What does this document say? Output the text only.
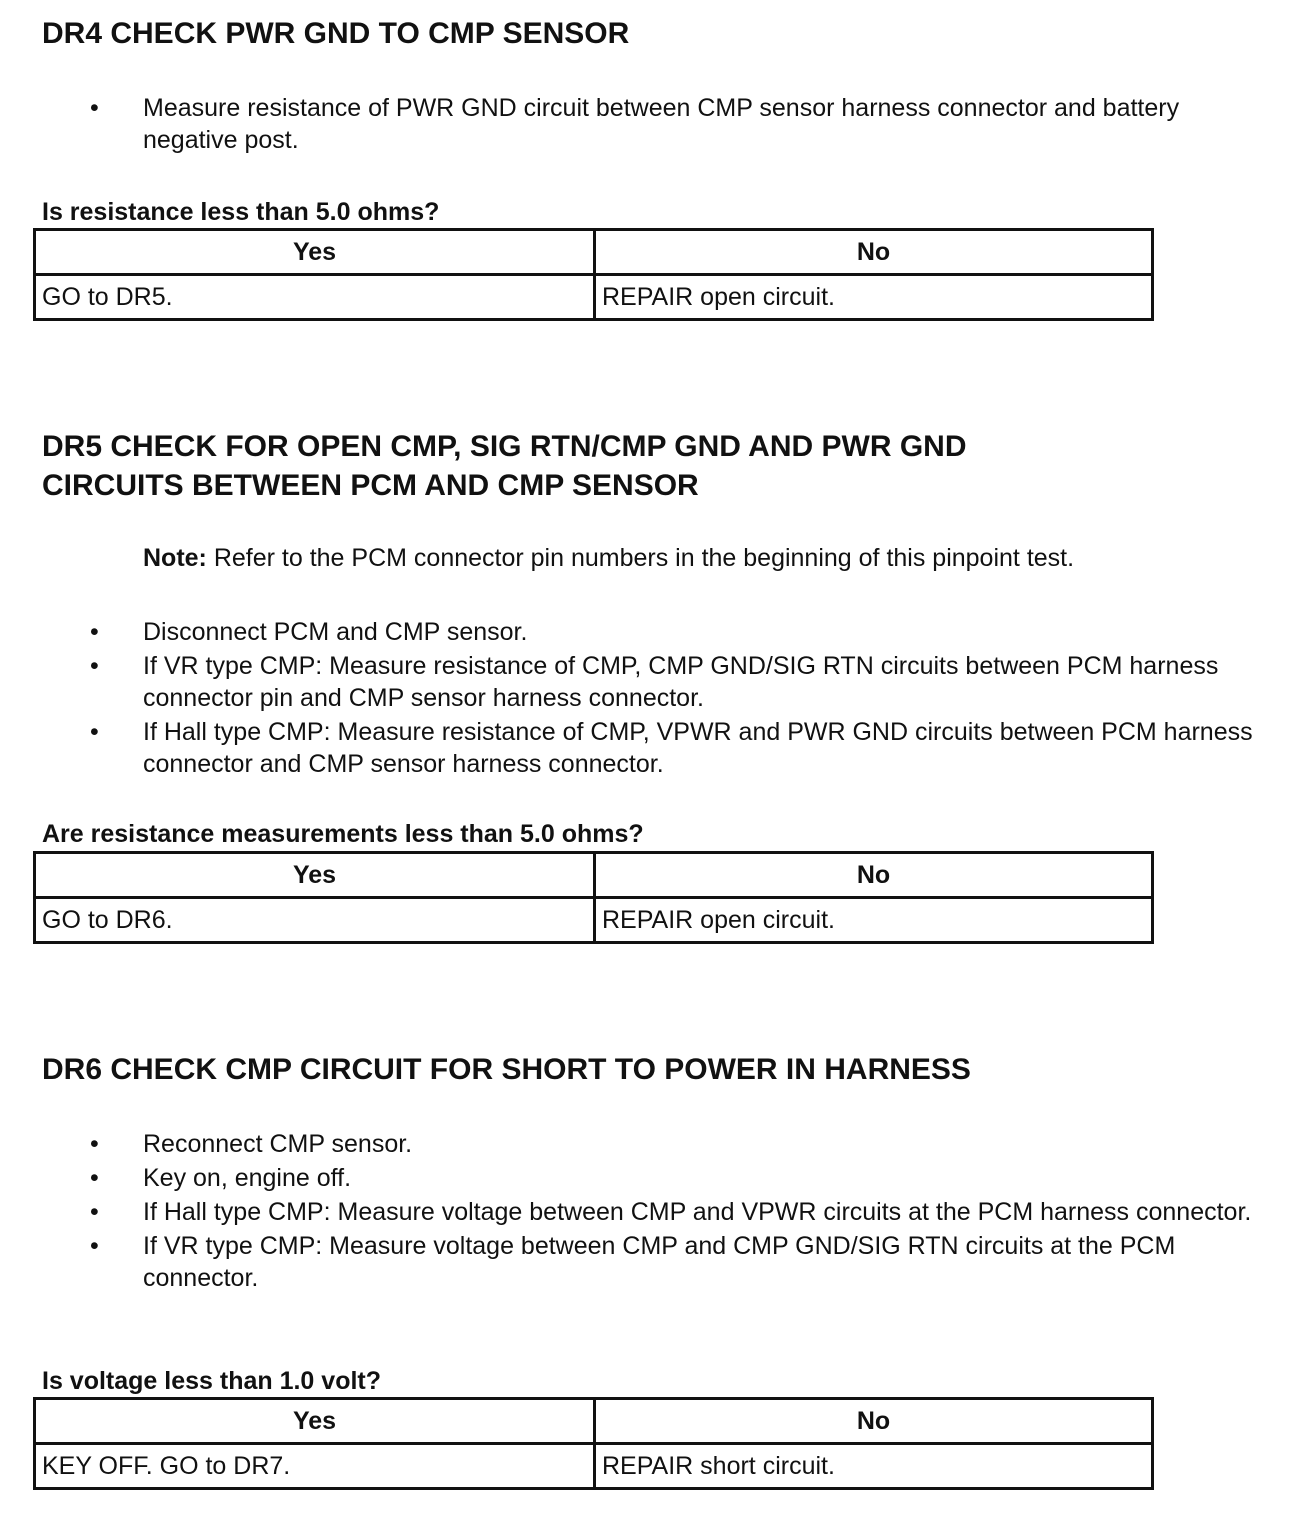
DR4 CHECK PWR GND TO CMP SENSOR
• Measure resistance of PWR GND circuit between CMP sensor harness connector and battery negative post.

Is resistance less than 5.0 ohms?

Yes	No
GO to DR5.	REPAIR open circuit.
DR5 CHECK FOR OPEN CMP, SIG RTN/CMP GND AND PWR GND
CIRCUITS BETWEEN PCM AND CMP SENSOR

Note: Refer to the PCM connector pin numbers in the beginning of this pinpoint test.

• Disconnect PCM and CMP sensor.
• If VR type CMP: Measure resistance of CMP, CMP GND/SIG RTN circuits between PCM harness connector pin and CMP sensor harness connector.
• If Hall type CMP: Measure resistance of CMP, VPWR and PWR GND circuits between PCM harness connector and CMP sensor harness connector.

Are resistance measurements less than 5.0 ohms?

Yes	No
GO to DR6.	REPAIR open circuit.
DR6 CHECK CMP CIRCUIT FOR SHORT TO POWER IN HARNESS
• Reconnect CMP sensor.
• Key on, engine off.
• If Hall type CMP: Measure voltage between CMP and VPWR circuits at the PCM harness connector.
• If VR type CMP: Measure voltage between CMP and CMP GND/SIG RTN circuits at the PCM connector.

Is voltage less than 1.0 volt?

Yes	No
KEY OFF. GO to DR7.	REPAIR short circuit.
